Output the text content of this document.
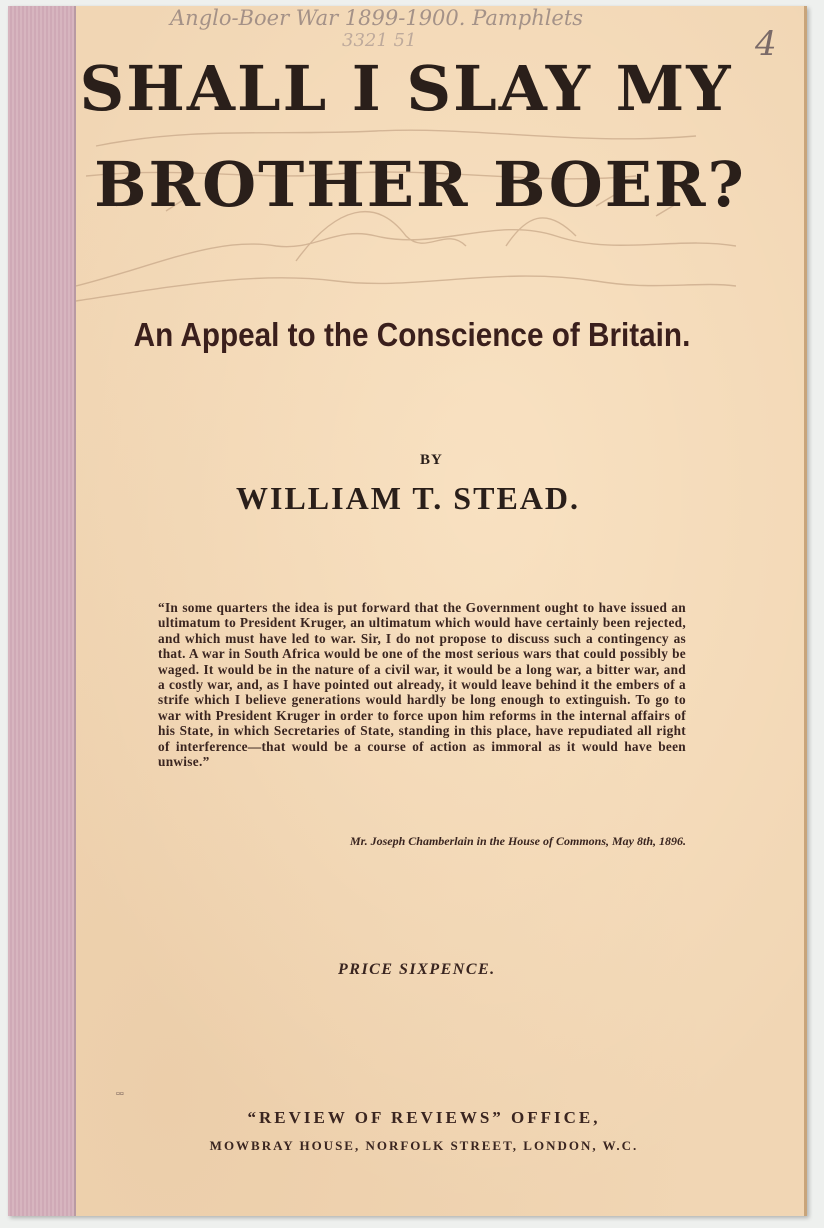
Anglo-Boer War 1899-1900. Pamphlets
3321 51	4
SHALL I SLAY MY
BROTHER BOER?
An Appeal to the Conscience of Britain.
BY
WILLIAM T. STEAD.
“In some quarters the idea is put forward that the Government ought to have issued an ultimatum to President Kruger, an ultimatum which would have certainly been rejected, and which must have led to war. Sir, I do not propose to discuss such a contingency as that. A war in South Africa would be one of the most serious wars that could possibly be waged. It would be in the nature of a civil war, it would be a long war, a bitter war, and a costly war, and, as I have pointed out already, it would leave behind it the embers of a strife which I believe generations would hardly be long enough to extinguish. To go to war with President Kruger in order to force upon him reforms in the internal affairs of his State, in which Secretaries of State, standing in this place, have repudiated all right of interference—that would be a course of action as immoral as it would have been unwise.”
Mr. Joseph Chamberlain in the House of Commons, May 8th, 1896.
PRICE SIXPENCE.
▫▫
“REVIEW OF REVIEWS” OFFICE,
MOWBRAY HOUSE, NORFOLK STREET, LONDON, W.C.
